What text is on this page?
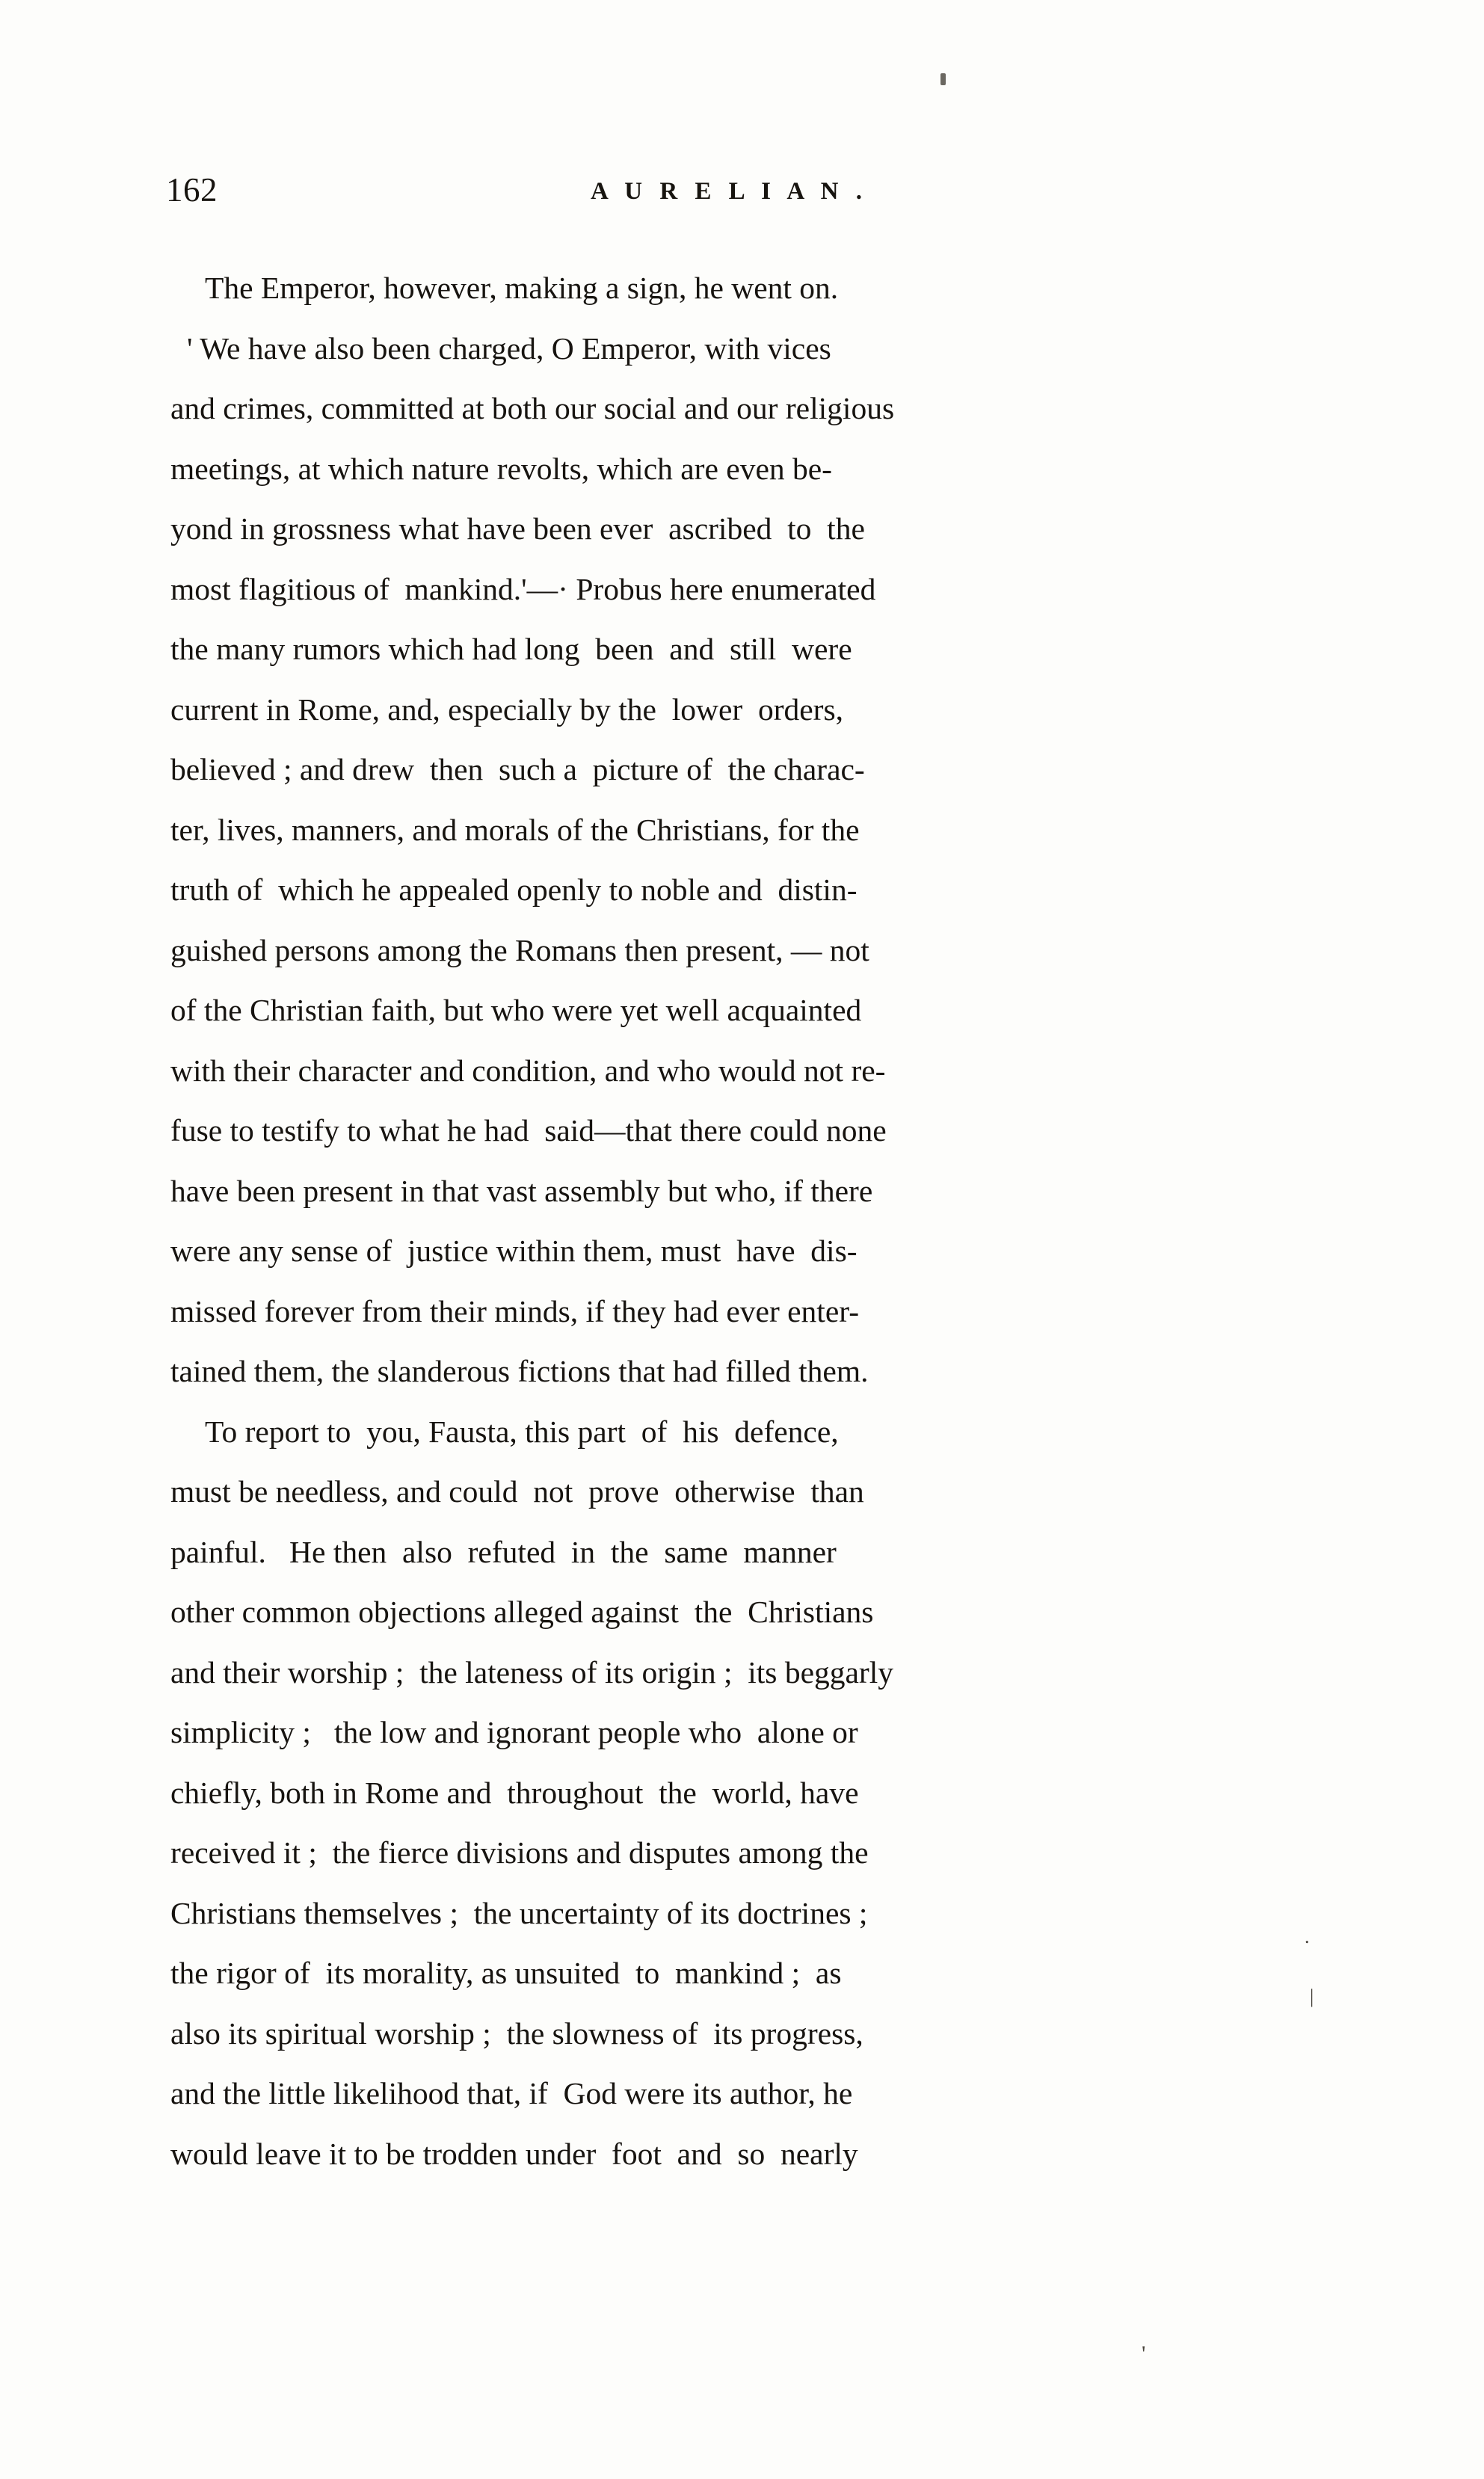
162	A U R E L I A N .
The Emperor, however, making a sign, he went on.
' We have also been charged, O Emperor, with vices
and crimes, committed at both our social and our religious
meetings, at which nature revolts, which are even be-
yond in grossness what have been ever  ascribed  to  the
most flagitious of  mankind.'—· Probus here enumerated
the many rumors which had long  been  and  still  were
current in Rome, and, especially by the  lower  orders,
believed ; and drew  then  such a  picture of  the charac-
ter, lives, manners, and morals of the Christians, for the
truth of  which he appealed openly to noble and  distin-
guished persons among the Romans then present, — not
of the Christian faith, but who were yet well acquainted
with their character and condition, and who would not re-
fuse to testify to what he had  said—that there could none
have been present in that vast assembly but who, if there
were any sense of  justice within them, must  have  dis-
missed forever from their minds, if they had ever enter-
tained them, the slanderous fictions that had filled them.
To report to  you, Fausta, this part  of  his  defence,
must be needless, and could  not  prove  otherwise  than
painful.   He then  also  refuted  in  the  same  manner
other common objections alleged against  the  Christians
and their worship ;  the lateness of its origin ;  its beggarly
simplicity ;   the low and ignorant people who  alone or
chiefly, both in Rome and  throughout  the  world, have
received it ;  the fierce divisions and disputes among the
Christians themselves ;  the uncertainty of its doctrines ;
the rigor of  its morality, as unsuited  to  mankind ;  as
also its spiritual worship ;  the slowness of  its progress,
and the little likelihood that, if  God were its author, he
would leave it to be trodden under  foot  and  so  nearly
.
|
'
